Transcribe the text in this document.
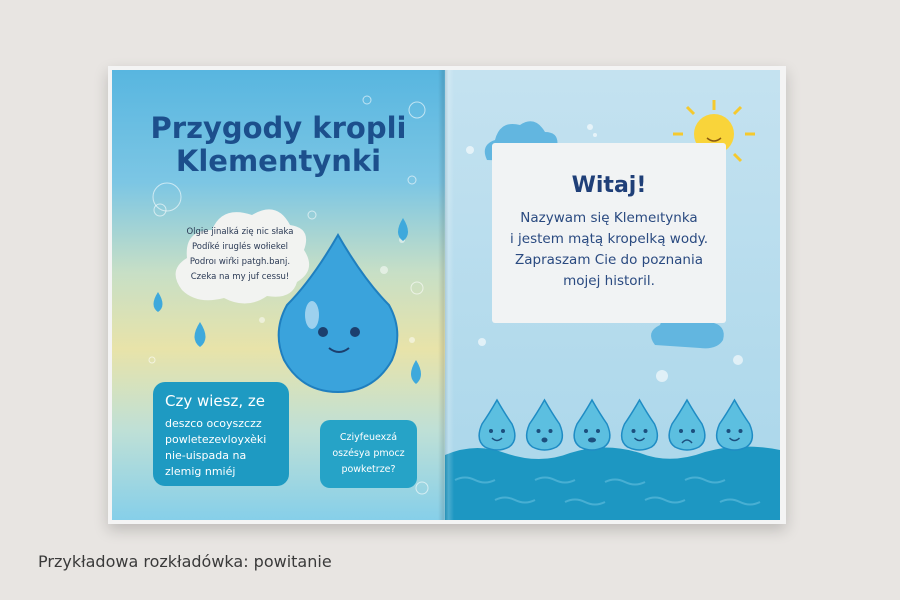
Przygody kropli
Klementynki
Olgie jinalká zię nic słaka
Podíké iruglés wołiekel
Podroı wiŕki patgh.banj.
Czeka na my juf cessu!
Czy wiesz, ze
deszco ocoyszczz
powletezevloyxèki
nie-uispada na
zlemig nmiéj
Cziyfeuexzá
oszésya pmocz
powketrze?
Witaj!
Nazywam się Klemeıtynka
i jestem mątą kropelką wody.
Zapraszam Cie do poznania
mojej historil.
Przykładowa rozkładówka: powitanie
